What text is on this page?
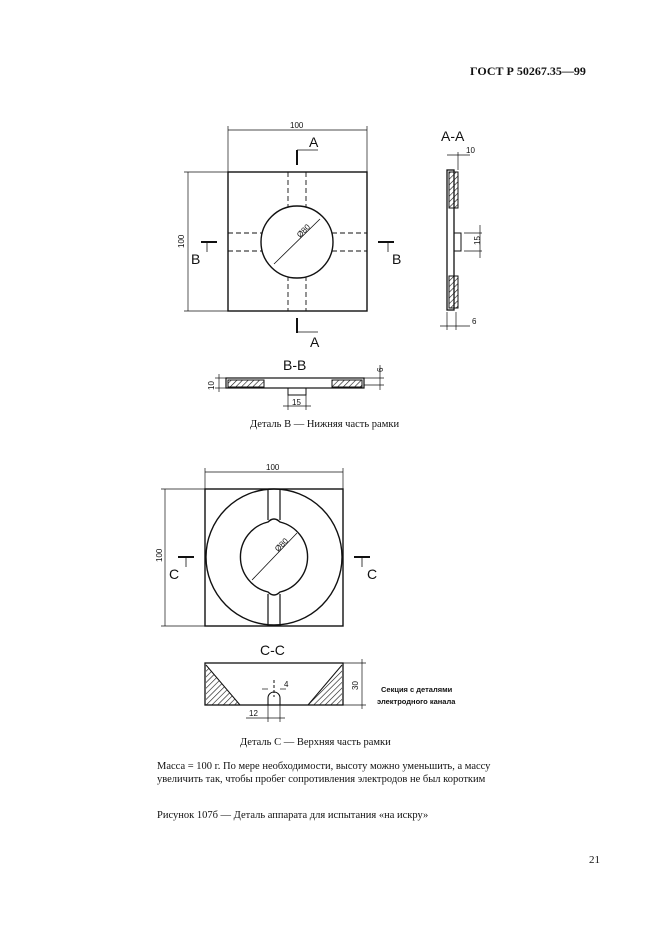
ГОСТ Р 50267.35—99
100
100
Ø80
A
A
B	B
A-A
10
15
6
B-B
10
6
15
100
100
Ø80
C	C
C-C
30
4
12
Секция с деталями
электродного канала
Деталь В — Нижняя часть рамки
Деталь С — Верхняя часть рамки
Масса = 100 г. По мере необходимости, высоту можно уменьшить, а массу увеличить так, чтобы пробег сопротивления электродов не был коротким
Рисунок 107б — Деталь аппарата для испытания «на искру»
21
